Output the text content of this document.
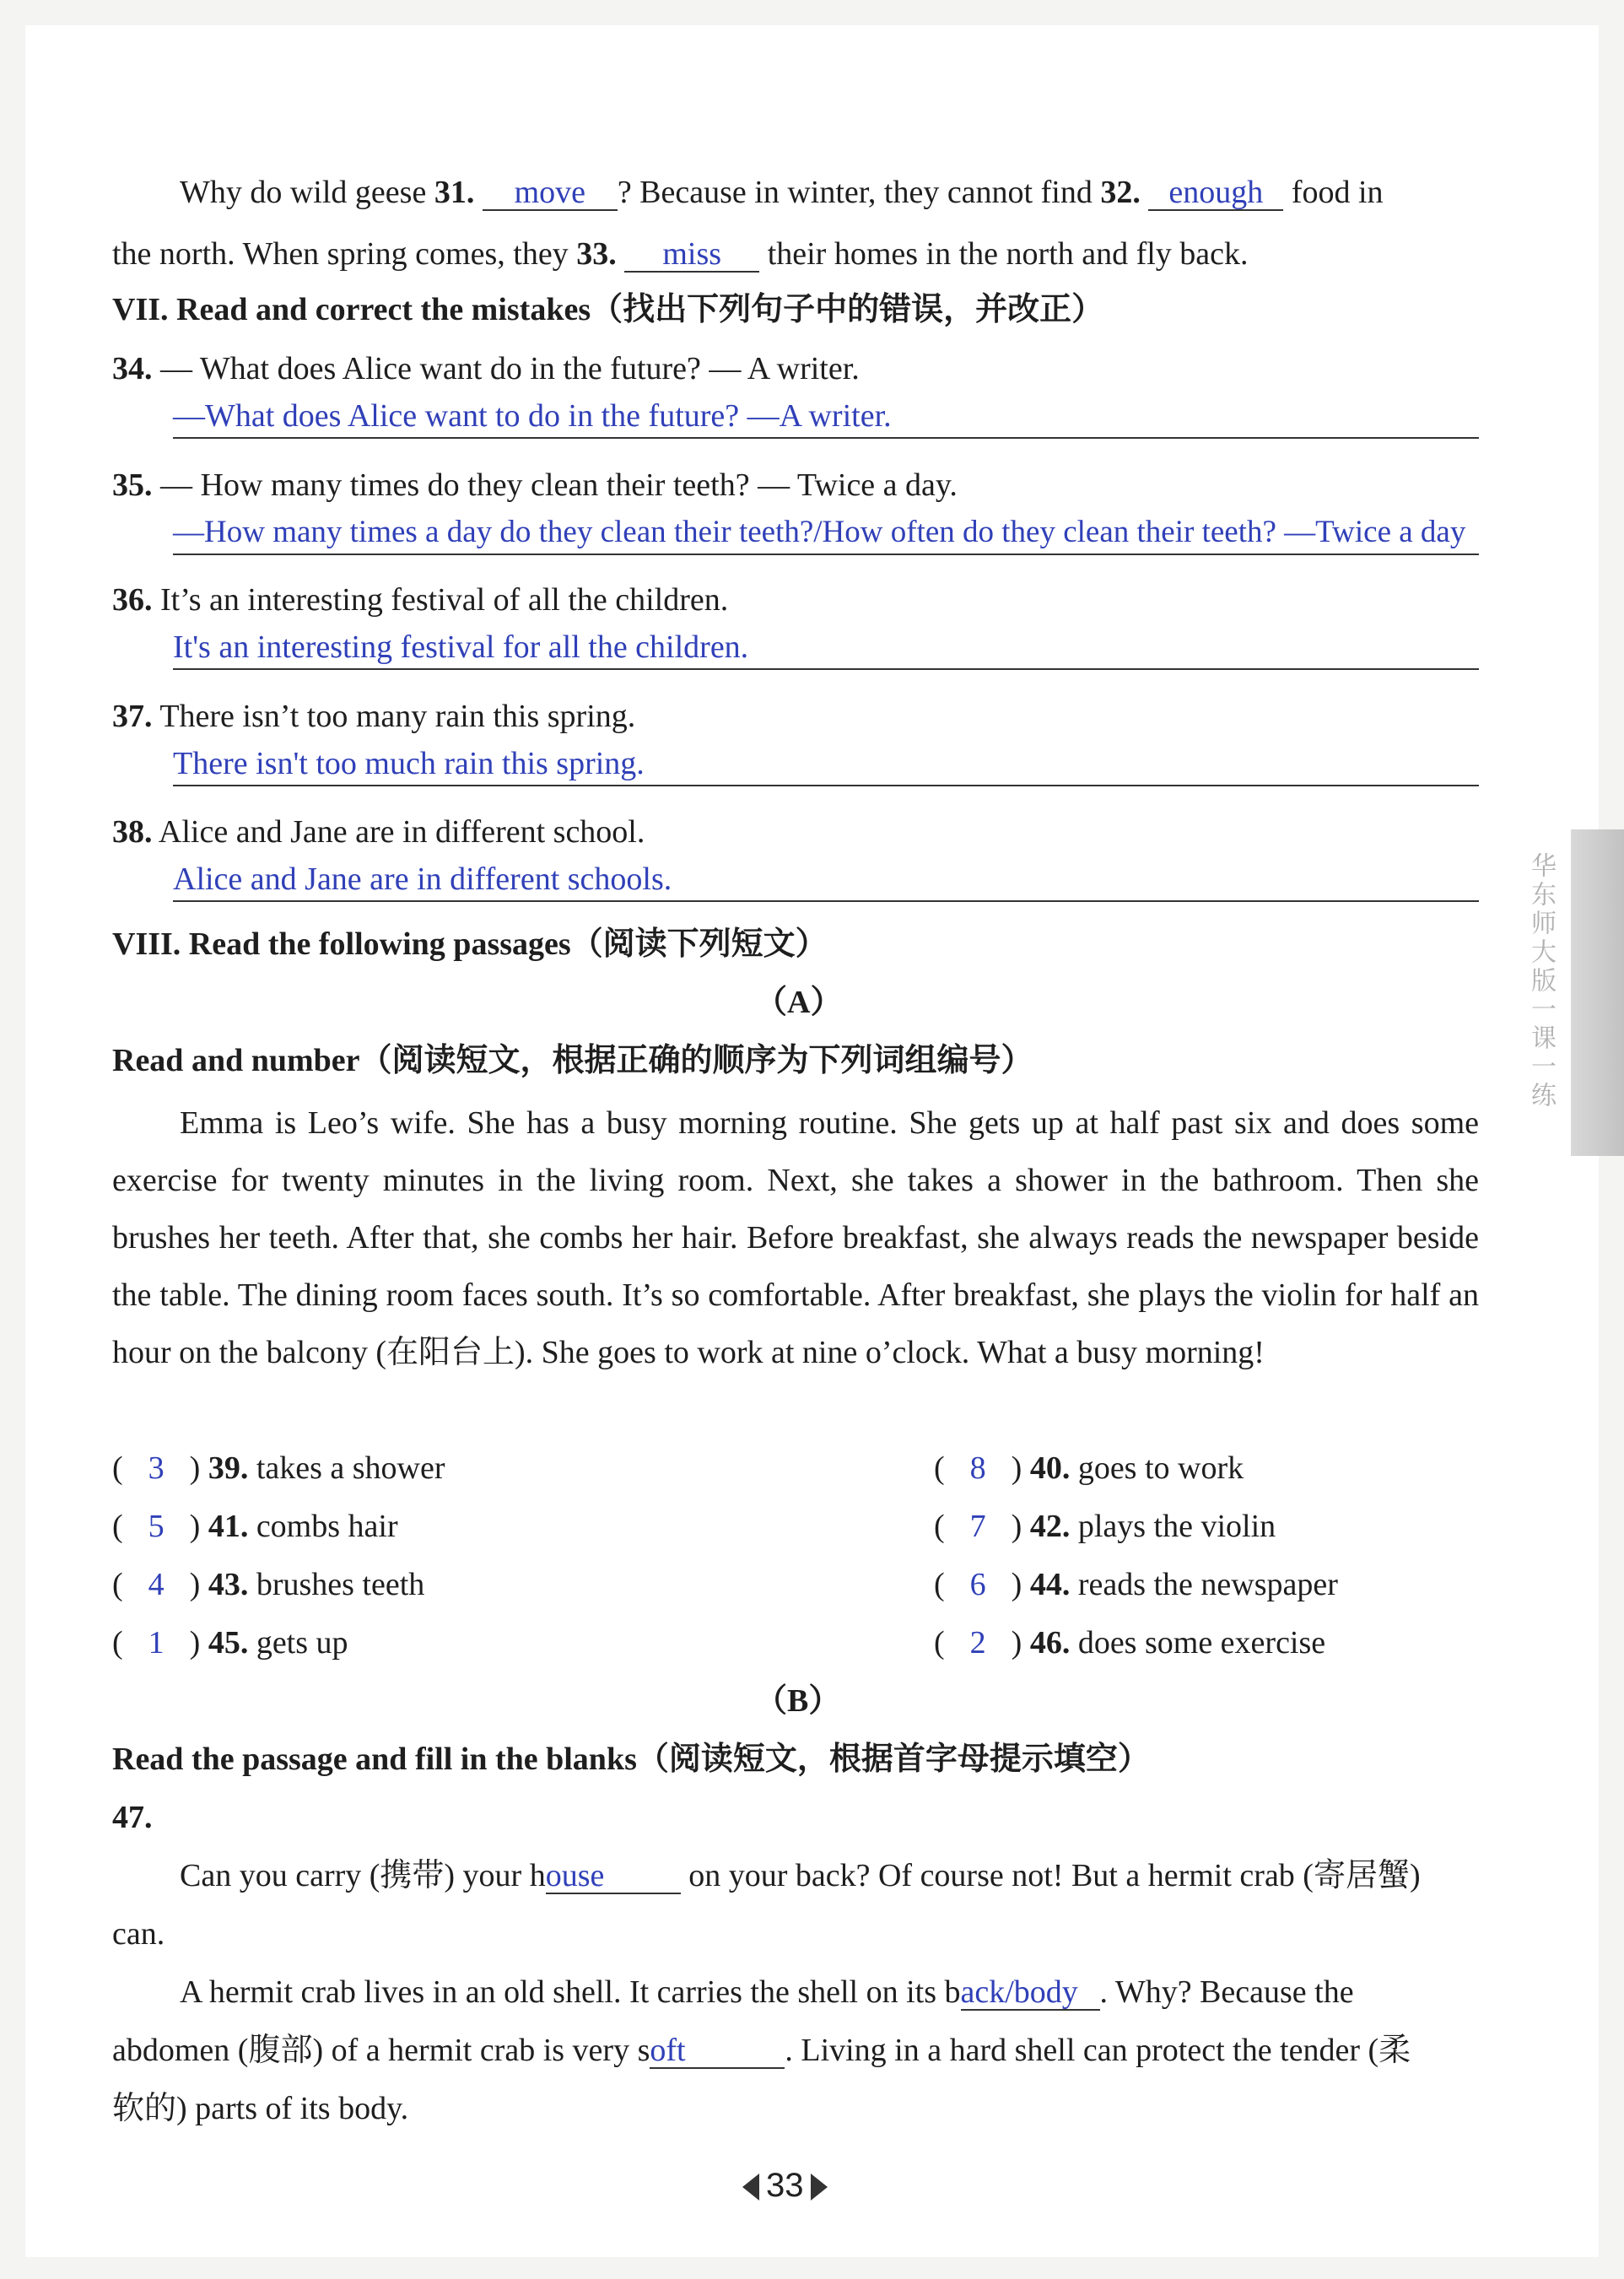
Why do wild geese 31. move ? Because in winter, they cannot find 32. enough food in
the north. When spring comes, they 33. miss their homes in the north and fly back.
VII. Read and correct the mistakes（找出下列句子中的错误，并改正）
34. — What does Alice want do in the future? — A writer.
—What does Alice want to do in the future? —A writer.
35. — How many times do they clean their teeth? — Twice a day.
—How many times a day do they clean their teeth?/How often do they clean their teeth? —Twice a day
36. It’s an interesting festival of all the children.
It's an interesting festival for all the children.
37. There isn’t too many rain this spring.
There isn't too much rain this spring.
38. Alice and Jane are in different school.
Alice and Jane are in different schools.
VIII. Read the following passages（阅读下列短文）
（A）
Read and number（阅读短文，根据正确的顺序为下列词组编号）
Emma is Leo’s wife. She has a busy morning routine. She gets up at half past six and does some exercise for twenty minutes in the living room. Next, she takes a shower in the bathroom. Then she brushes her teeth. After that, she combs her hair. Before breakfast, she always reads the newspaper beside the table. The dining room faces south. It’s so comfortable. After breakfast, she plays the violin for half an hour on the balcony (在阳台上). She goes to work at nine o’clock. What a busy morning!
( 3 ) 39. takes a shower	( 8 ) 40. goes to work
( 5 ) 41. combs hair	( 7 ) 42. plays the violin
( 4 ) 43. brushes teeth	( 6 ) 44. reads the newspaper
( 1 ) 45. gets up	( 2 ) 46. does some exercise
（B）
Read the passage and fill in the blanks（阅读短文，根据首字母提示填空）
47.
Can you carry (携带) your house	on your back? Of course not! But a hermit crab (寄居蟹)
can.
A hermit crab lives in an old shell. It carries the shell on its back/body . Why? Because the
abdomen (腹部) of a hermit crab is very soft	. Living in a hard shell can protect the tender (柔
软的) parts of its body.
华东师大版一课一练
33
